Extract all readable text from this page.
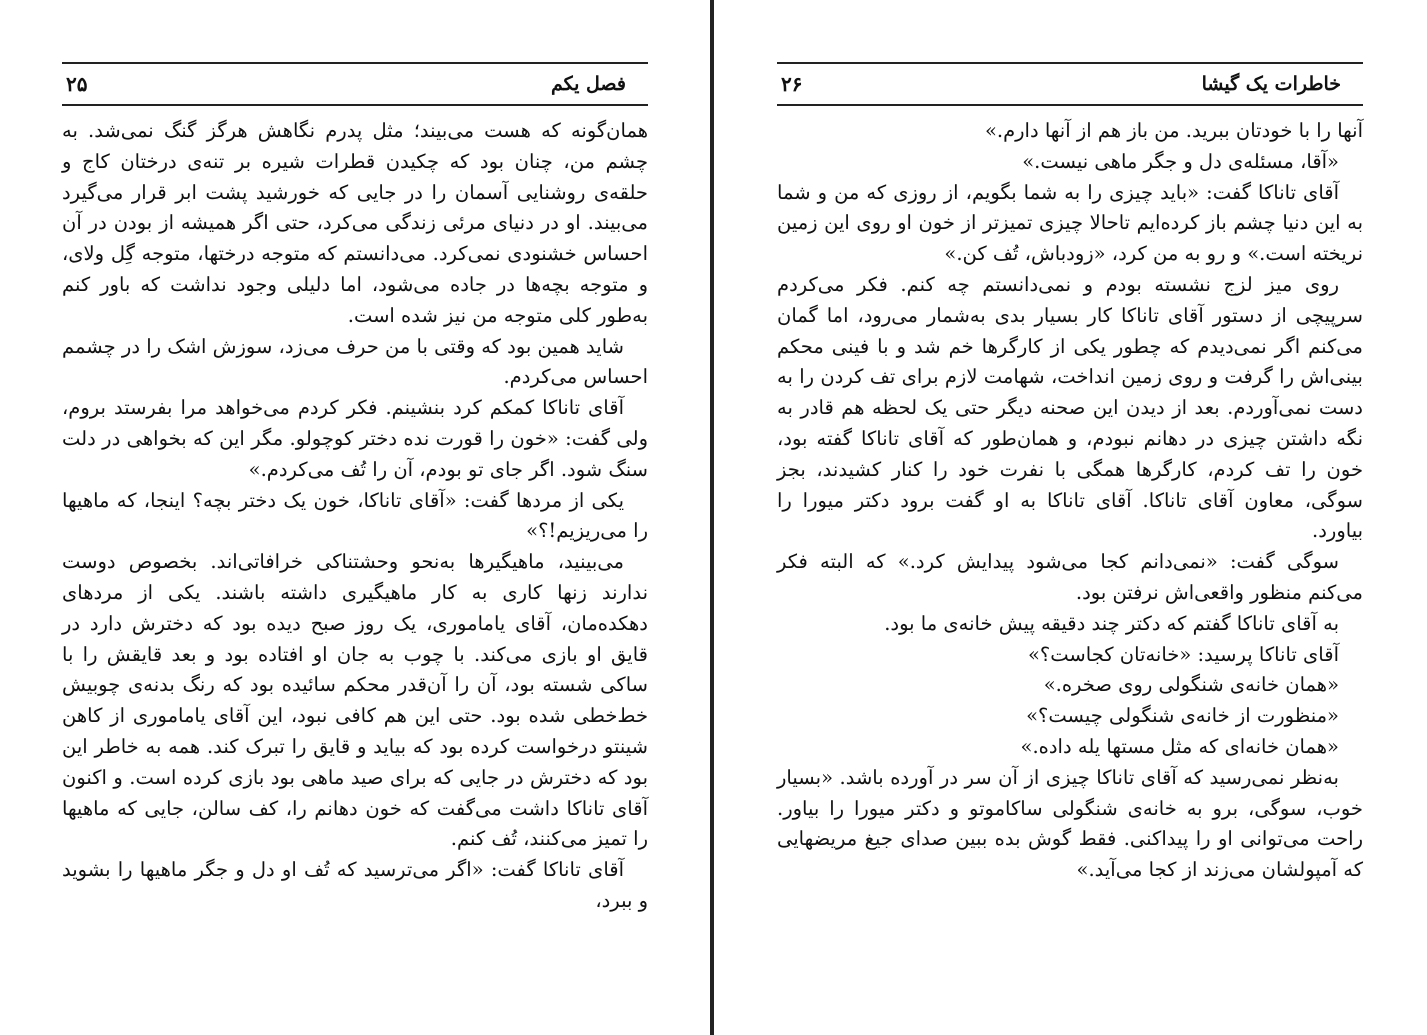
فصل یکم
۲۵

همان‌گونه که هست می‌بیند؛ مثل پدرم نگاهش هرگز گنگ نمی‌شد. به چشم من، چنان بود که چکیدن قطرات شیره بر تنه‌ی درختان کاج و حلقه‌ی روشنایی آسمان را در جایی که خورشید پشت ابر قرار می‌گیرد می‌بیند. او در دنیای مرئی زندگی می‌کرد، حتی اگر همیشه از بودن در آن احساس خشنودی نمی‌کرد. می‌دانستم که متوجه درختها، متوجه گِل ولای، و متوجه بچه‌ها در جاده می‌شود، اما دلیلی وجود نداشت که باور کنم به‌طور کلی متوجه من نیز شده است.

شاید همین بود که وقتی با من حرف می‌زد، سوزش اشک را در چشمم احساس می‌کردم.

آقای تاناکا کمکم کرد بنشینم. فکر کردم می‌خواهد مرا بفرستد بروم، ولی گفت: «خون را قورت نده دختر کوچولو. مگر این که بخواهی در دلت سنگ شود. اگر جای تو بودم، آن را تُف می‌کردم.»

یکی از مردها گفت: «آقای تاناکا، خون یک دختر بچه؟ اینجا، که ماهیها را می‌ریزیم!؟»

می‌بینید، ماهیگیرها به‌نحو وحشتناکی خرافاتی‌اند. بخصوص دوست ندارند زنها کاری به کار ماهیگیری داشته باشند. یکی از مردهای دهکده‌مان، آقای یاماموری، یک روز صبح دیده بود که دخترش دارد در قایق او بازی می‌کند. با چوب به جان او افتاده بود و بعد قایقش را با ساکی شسته بود، آن را آن‌قدر محکم سائیده بود که رنگ بدنه‌ی چوبیش خط‌خطی شده بود. حتی این هم کافی نبود، این آقای یاماموری از کاهن شینتو درخواست کرده بود که بیاید و قایق را تبرک کند. همه به خاطر این بود که دخترش در جایی که برای صید ماهی بود بازی کرده است. و اکنون آقای تاناکا داشت می‌گفت که خون دهانم را، کف سالن، جایی که ماهیها را تمیز می‌کنند، تُف کنم.

آقای تاناکا گفت: «اگر می‌ترسید که تُف او دل و جگر ماهیها را بشوید و ببرد،

خاطرات یک گیشا
۲۶

آنها را با خودتان ببرید. من باز هم از آنها دارم.»

«آقا، مسئله‌ی دل و جگر ماهی نیست.»

آقای تاناکا گفت: «باید چیزی را به شما بگویم، از روزی که من و شما به این دنیا چشم باز کرده‌ایم تاحالا چیزی تمیزتر از خون او روی این زمین نریخته است.» و رو به من کرد، «زودباش، تُف کن.»

روی میز لزج نشسته بودم و نمی‌دانستم چه کنم. فکر می‌کردم سرپیچی از دستور آقای تاناکا کار بسیار بدی به‌شمار می‌رود، اما گمان می‌کنم اگر نمی‌دیدم که چطور یکی از کارگرها خم شد و با فینی محکم بینی‌اش را گرفت و روی زمین انداخت، شهامت لازم برای تف کردن را به دست نمی‌آوردم. بعد از دیدن این صحنه دیگر حتی یک لحظه هم قادر به نگه داشتن چیزی در دهانم نبودم، و همان‌طور که آقای تاناکا گفته بود، خون را تف کردم، کارگرها همگی با نفرت خود را کنار کشیدند، بجز سوگی، معاون آقای تاناکا. آقای تاناکا به او گفت برود دکتر میورا را بیاورد.

سوگی گفت: «نمی‌دانم کجا می‌شود پیدایش کرد.» که البته فکر می‌کنم منظور واقعی‌اش نرفتن بود.

به آقای تاناکا گفتم که دکتر چند دقیقه پیش خانه‌ی ما بود.

آقای تاناکا پرسید: «خانه‌تان کجاست؟»

«همان خانه‌ی شنگولی روی صخره.»

«منظورت از خانه‌ی شنگولی چیست؟»

«همان خانه‌ای که مثل مستها یله داده.»

به‌نظر نمی‌رسید که آقای تاناکا چیزی از آن سر در آورده باشد. «بسیار خوب، سوگی، برو به خانه‌ی شنگولی ساکاموتو و دکتر میورا را بیاور. راحت می‌توانی او را پیداکنی. فقط گوش بده ببین صدای جیغ مریضهایی که آمپولشان می‌زند از کجا می‌آید.»
